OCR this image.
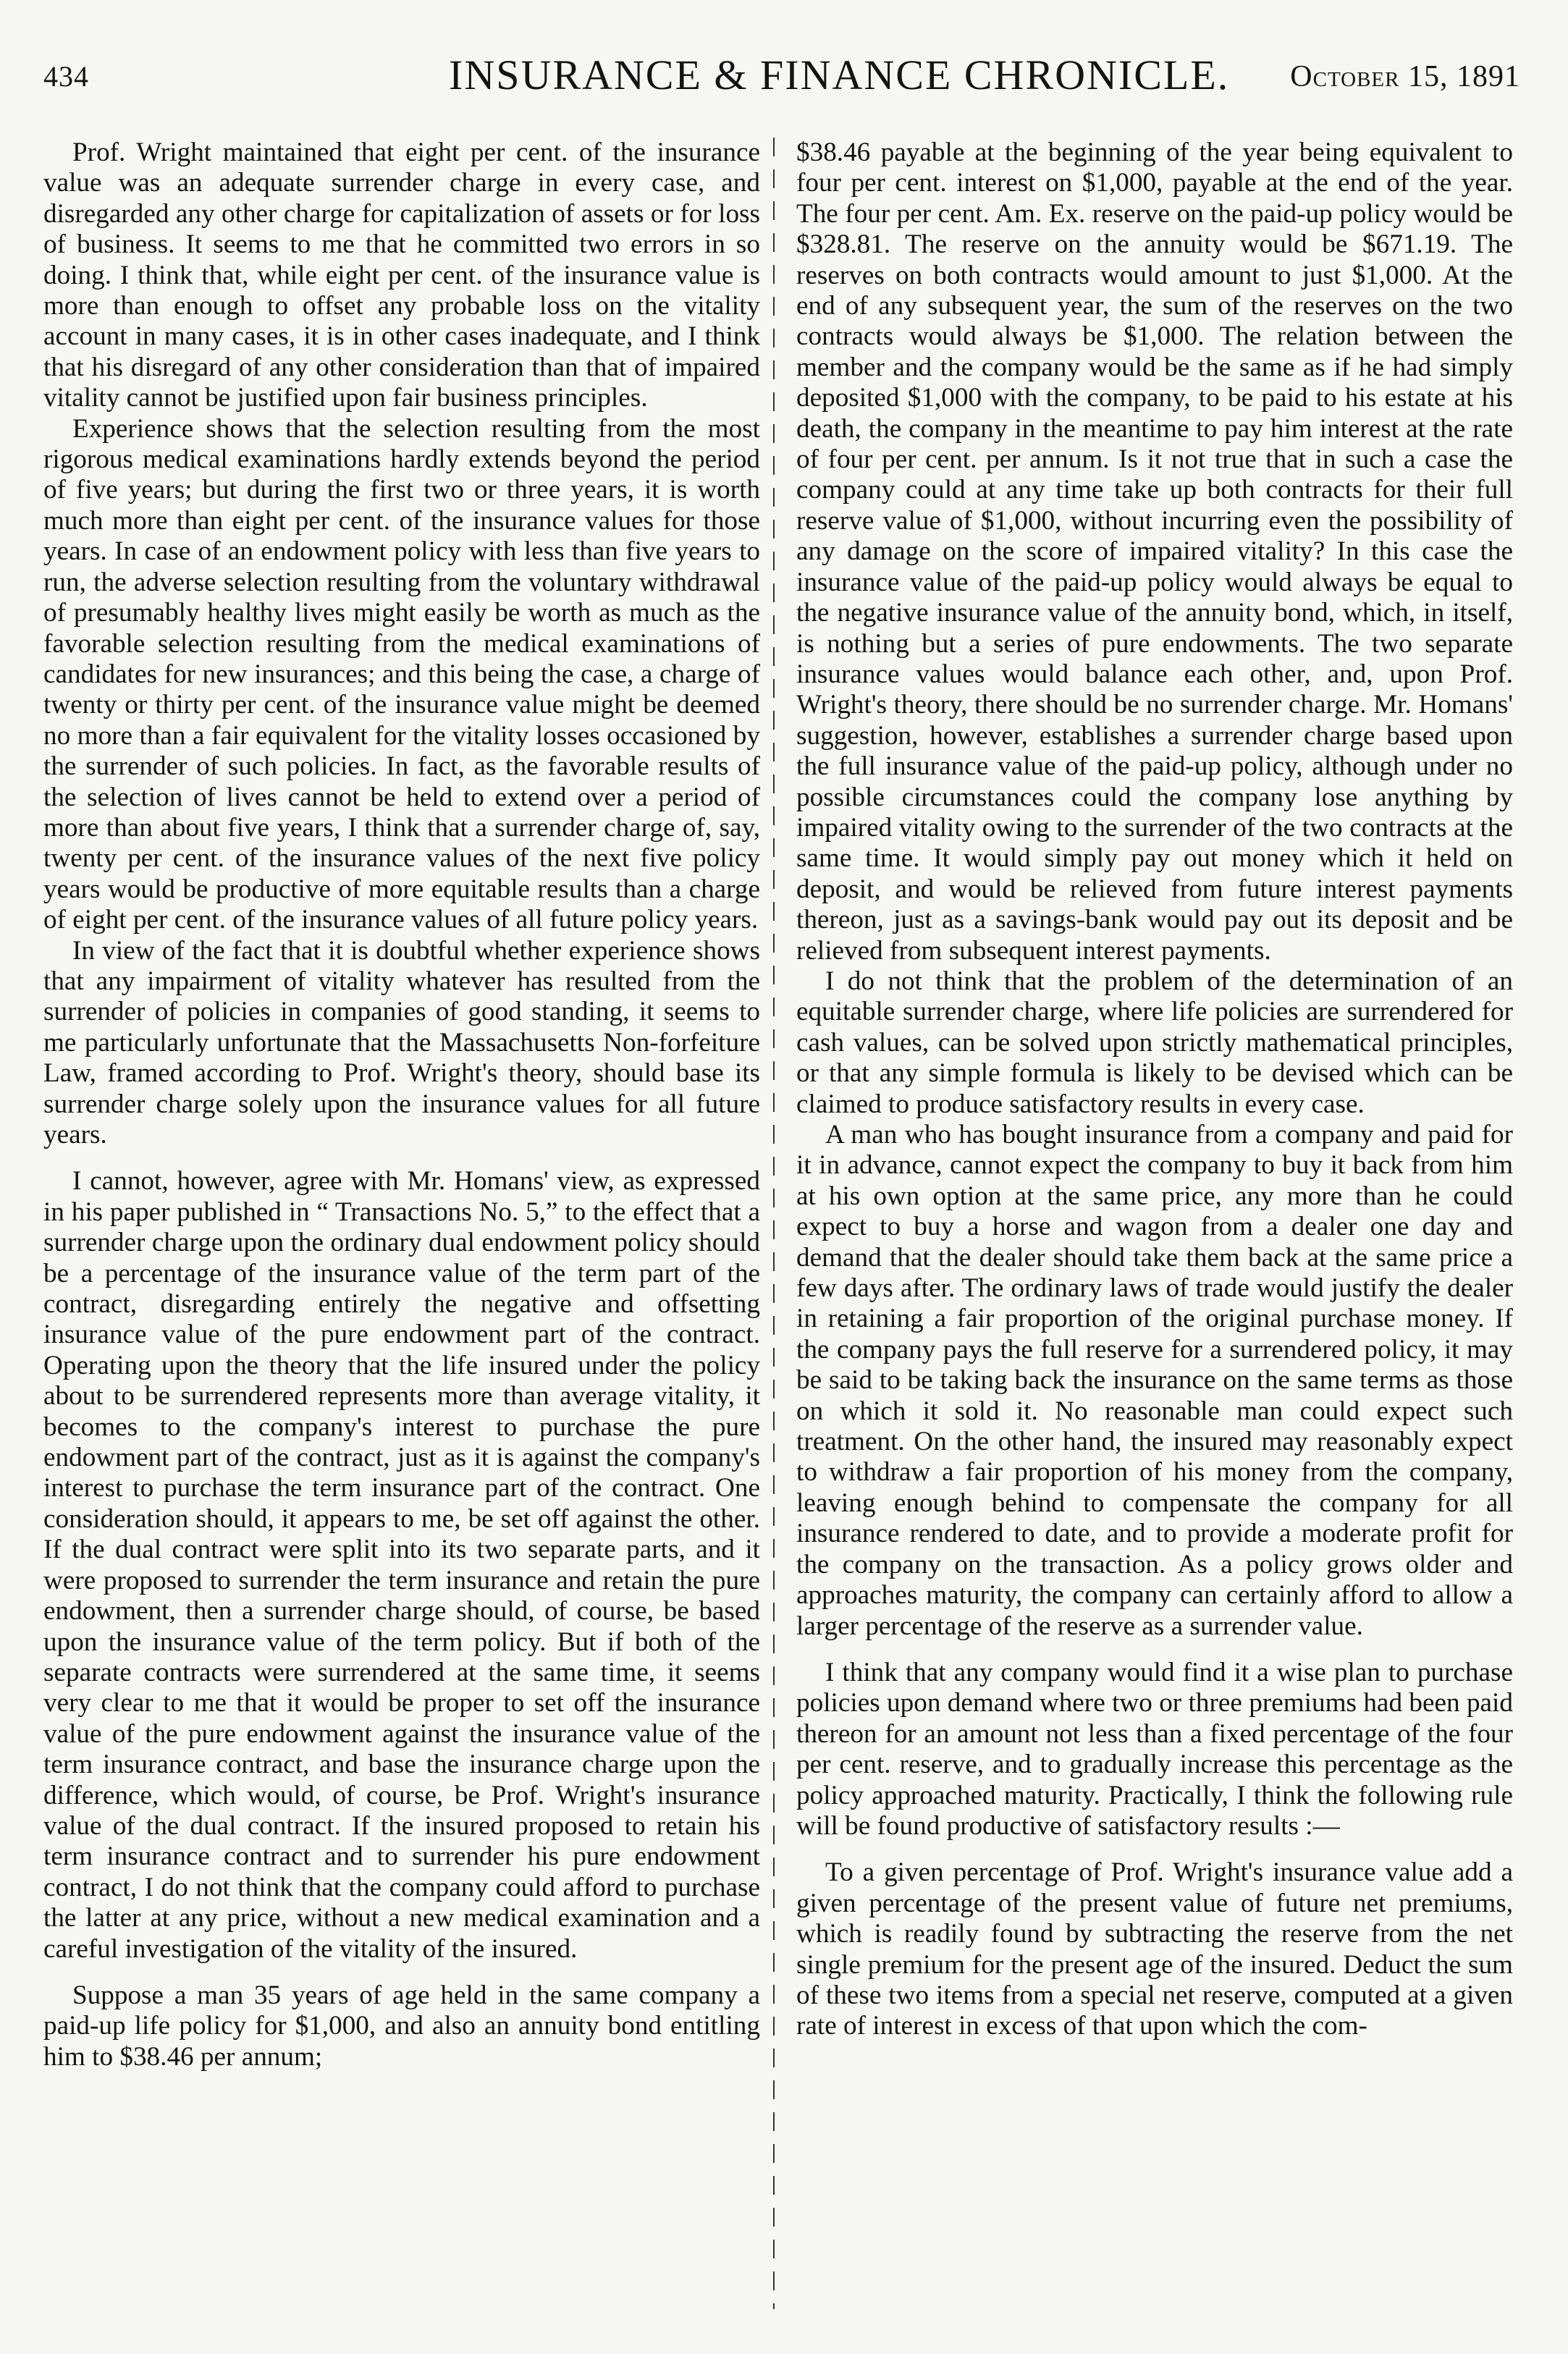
434	INSURANCE & FINANCE CHRONICLE. October 15, 1891

Prof. Wright maintained that eight per cent. of the insurance value was an adequate surrender charge in every case, and disregarded any other charge for capitalization of assets or for loss of business. It seems to me that he committed two errors in so doing. I think that, while eight per cent. of the insurance value is more than enough to offset any probable loss on the vitality account in many cases, it is in other cases inadequate, and I think that his disregard of any other consideration than that of impaired vitality cannot be justified upon fair business principles.

Experience shows that the selection resulting from the most rigorous medical examinations hardly extends beyond the period of five years; but during the first two or three years, it is worth much more than eight per cent. of the insurance values for those years. In case of an endowment policy with less than five years to run, the adverse selection resulting from the voluntary withdrawal of presumably healthy lives might easily be worth as much as the favorable selection resulting from the medical examinations of candidates for new insurances; and this being the case, a charge of twenty or thirty per cent. of the insurance value might be deemed no more than a fair equivalent for the vitality losses occasioned by the surrender of such policies. In fact, as the favorable results of the selection of lives cannot be held to extend over a period of more than about five years, I think that a surrender charge of, say, twenty per cent. of the insurance values of the next five policy years would be productive of more equitable results than a charge of eight per cent. of the insurance values of all future policy years.

In view of the fact that it is doubtful whether experience shows that any impairment of vitality whatever has resulted from the surrender of policies in companies of good standing, it seems to me particularly unfortunate that the Massachusetts Non-forfeiture Law, framed according to Prof. Wright's theory, should base its surrender charge solely upon the insurance values for all future years.

I cannot, however, agree with Mr. Homans' view, as expressed in his paper published in “ Transactions No. 5,” to the effect that a surrender charge upon the ordinary dual endowment policy should be a percentage of the insurance value of the term part of the contract, disregarding entirely the negative and offsetting insurance value of the pure endowment part of the contract. Operating upon the theory that the life insured under the policy about to be surrendered represents more than average vitality, it becomes to the company's interest to purchase the pure endowment part of the contract, just as it is against the company's interest to purchase the term insurance part of the contract. One consideration should, it appears to me, be set off against the other. If the dual contract were split into its two separate parts, and it were proposed to surrender the term insurance and retain the pure endowment, then a surrender charge should, of course, be based upon the insurance value of the term policy. But if both of the separate contracts were surrendered at the same time, it seems very clear to me that it would be proper to set off the insurance value of the pure endowment against the insurance value of the term insurance contract, and base the insurance charge upon the difference, which would, of course, be Prof. Wright's insurance value of the dual contract. If the insured proposed to retain his term insurance contract and to surrender his pure endowment contract, I do not think that the company could afford to purchase the latter at any price, without a new medical examination and a careful investigation of the vitality of the insured.

Suppose a man 35 years of age held in the same company a paid-up life policy for $1,000, and also an annuity bond entitling him to $38.46 per annum;

$38.46 payable at the beginning of the year being equivalent to four per cent. interest on $1,000, payable at the end of the year. The four per cent. Am. Ex. reserve on the paid-up policy would be $328.81. The reserve on the annuity would be $671.19. The reserves on both contracts would amount to just $1,000. At the end of any subsequent year, the sum of the reserves on the two contracts would always be $1,000. The relation between the member and the company would be the same as if he had simply deposited $1,000 with the company, to be paid to his estate at his death, the company in the meantime to pay him interest at the rate of four per cent. per annum. Is it not true that in such a case the company could at any time take up both contracts for their full reserve value of $1,000, without incurring even the possibility of any damage on the score of impaired vitality? In this case the insurance value of the paid-up policy would always be equal to the negative insurance value of the annuity bond, which, in itself, is nothing but a series of pure endowments. The two separate insurance values would balance each other, and, upon Prof. Wright's theory, there should be no surrender charge. Mr. Homans' suggestion, however, establishes a surrender charge based upon the full insurance value of the paid-up policy, although under no possible circumstances could the company lose anything by impaired vitality owing to the surrender of the two contracts at the same time. It would simply pay out money which it held on deposit, and would be relieved from future interest payments thereon, just as a savings-bank would pay out its deposit and be relieved from subsequent interest payments.

I do not think that the problem of the determination of an equitable surrender charge, where life policies are surrendered for cash values, can be solved upon strictly mathematical principles, or that any simple formula is likely to be devised which can be claimed to produce satisfactory results in every case.

A man who has bought insurance from a company and paid for it in advance, cannot expect the company to buy it back from him at his own option at the same price, any more than he could expect to buy a horse and wagon from a dealer one day and demand that the dealer should take them back at the same price a few days after. The ordinary laws of trade would justify the dealer in retaining a fair proportion of the original purchase money. If the company pays the full reserve for a surrendered policy, it may be said to be taking back the insurance on the same terms as those on which it sold it. No reasonable man could expect such treatment. On the other hand, the insured may reasonably expect to withdraw a fair proportion of his money from the company, leaving enough behind to compensate the company for all insurance rendered to date, and to provide a moderate profit for the company on the transaction. As a policy grows older and approaches maturity, the company can certainly afford to allow a larger percentage of the reserve as a surrender value.

I think that any company would find it a wise plan to purchase policies upon demand where two or three premiums had been paid thereon for an amount not less than a fixed percentage of the four per cent. reserve, and to gradually increase this percentage as the policy approached maturity. Practically, I think the following rule will be found productive of satisfactory results :—

To a given percentage of Prof. Wright's insurance value add a given percentage of the present value of future net premiums, which is readily found by subtracting the reserve from the net single premium for the present age of the insured. Deduct the sum of these two items from a special net reserve, computed at a given rate of interest in excess of that upon which the com-
